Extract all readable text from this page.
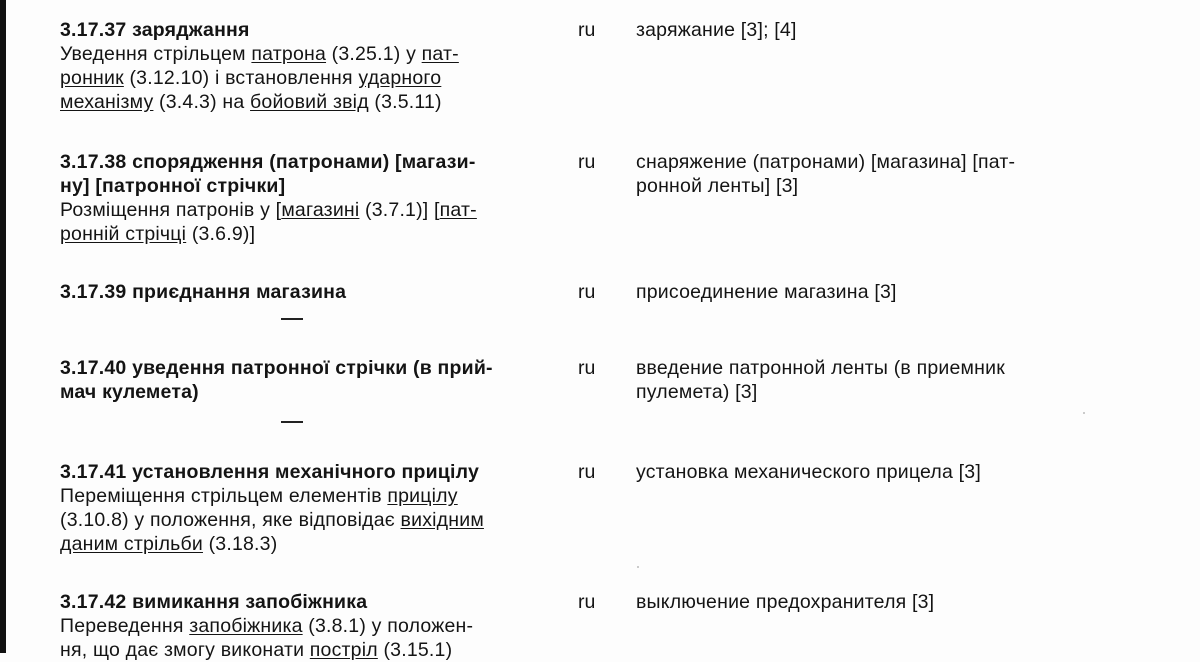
3.17.37 заряджання
Уведення стрільцем патрона (3.25.1) у пат-
ронник (3.12.10) і встановлення ударного
механізму (3.4.3) на бойовий звід (3.5.11)
ru заряжание [3]; [4]
3.17.38 спорядження (патронами) [магази-
ну] [патронної стрічки]
Розміщення патронів у [магазині (3.7.1)] [пат-
ронній стрічці (3.6.9)]
ru снаряжение (патронами) [магазина] [пат-
ронной ленты] [3]
3.17.39 приєднання магазина	ru присоединение магазина [3]
3.17.40 уведення патронної стрічки (в прий-
мач кулемета)
ru введение патронной ленты (в приемник
пулемета) [3]
3.17.41 установлення механічного прицілу
Переміщення стрільцем елементів прицілу
(3.10.8) у положення, яке відповідає вихідним
даним стрільби (3.18.3)
ru установка механического прицела [3]
3.17.42 вимикання запобіжника
Переведення запобіжника (3.8.1) у положен-
ня, що дає змогу виконати постріл (3.15.1)
ru выключение предохранителя [3]
